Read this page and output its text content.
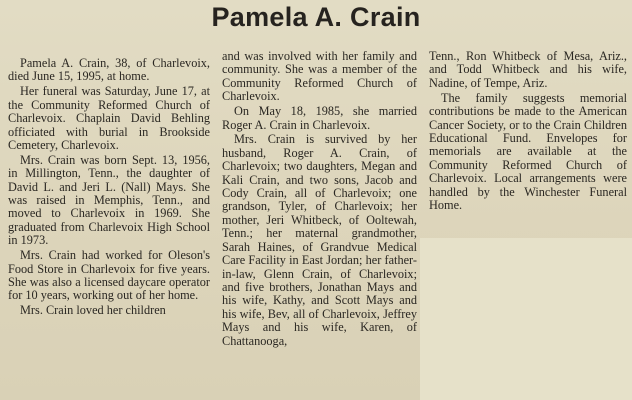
Pamela A. Crain

Pamela A. Crain, 38, of Charlevoix, died June 15, 1995, at home.

Her funeral was Saturday, June 17, at the Community Reformed Church of Charlevoix. Chaplain David Behling officiated with burial in Brookside Cemetery, Charlevoix.

Mrs. Crain was born Sept. 13, 1956, in Millington, Tenn., the daughter of David L. and Jeri L. (Nall) Mays. She was raised in Memphis, Tenn., and moved to Charlevoix in 1969. She graduated from Charlevoix High School in 1973.

Mrs. Crain had worked for Oleson's Food Store in Charlevoix for five years. She was also a licensed daycare operator for 10 years, working out of her home.

Mrs. Crain loved her children

and was involved with her family and community. She was a member of the Community Reformed Church of Charlevoix.

On May 18, 1985, she married Roger A. Crain in Charlevoix.

Mrs. Crain is survived by her husband, Roger A. Crain, of Charlevoix; two daughters, Megan and Kali Crain, and two sons, Jacob and Cody Crain, all of Charlevoix; one grandson, Tyler, of Charlevoix; her mother, Jeri Whitbeck, of Ooltewah, Tenn.; her maternal grandmother, Sarah Haines, of Grandvue Medical Care Facility in East Jordan; her father-in-law, Glenn Crain, of Charlevoix; and five brothers, Jonathan Mays and his wife, Kathy, and Scott Mays and his wife, Bev, all of Charlevoix, Jeffrey Mays and his wife, Karen, of Chattanooga,

Tenn., Ron Whitbeck of Mesa, Ariz., and Todd Whitbeck and his wife, Nadine, of Tempe, Ariz.

The family suggests memorial contributions be made to the American Cancer Society, or to the Crain Children Educational Fund. Envelopes for memorials are available at the Community Reformed Church of Charlevoix. Local arrangements were handled by the Winchester Funeral Home.
